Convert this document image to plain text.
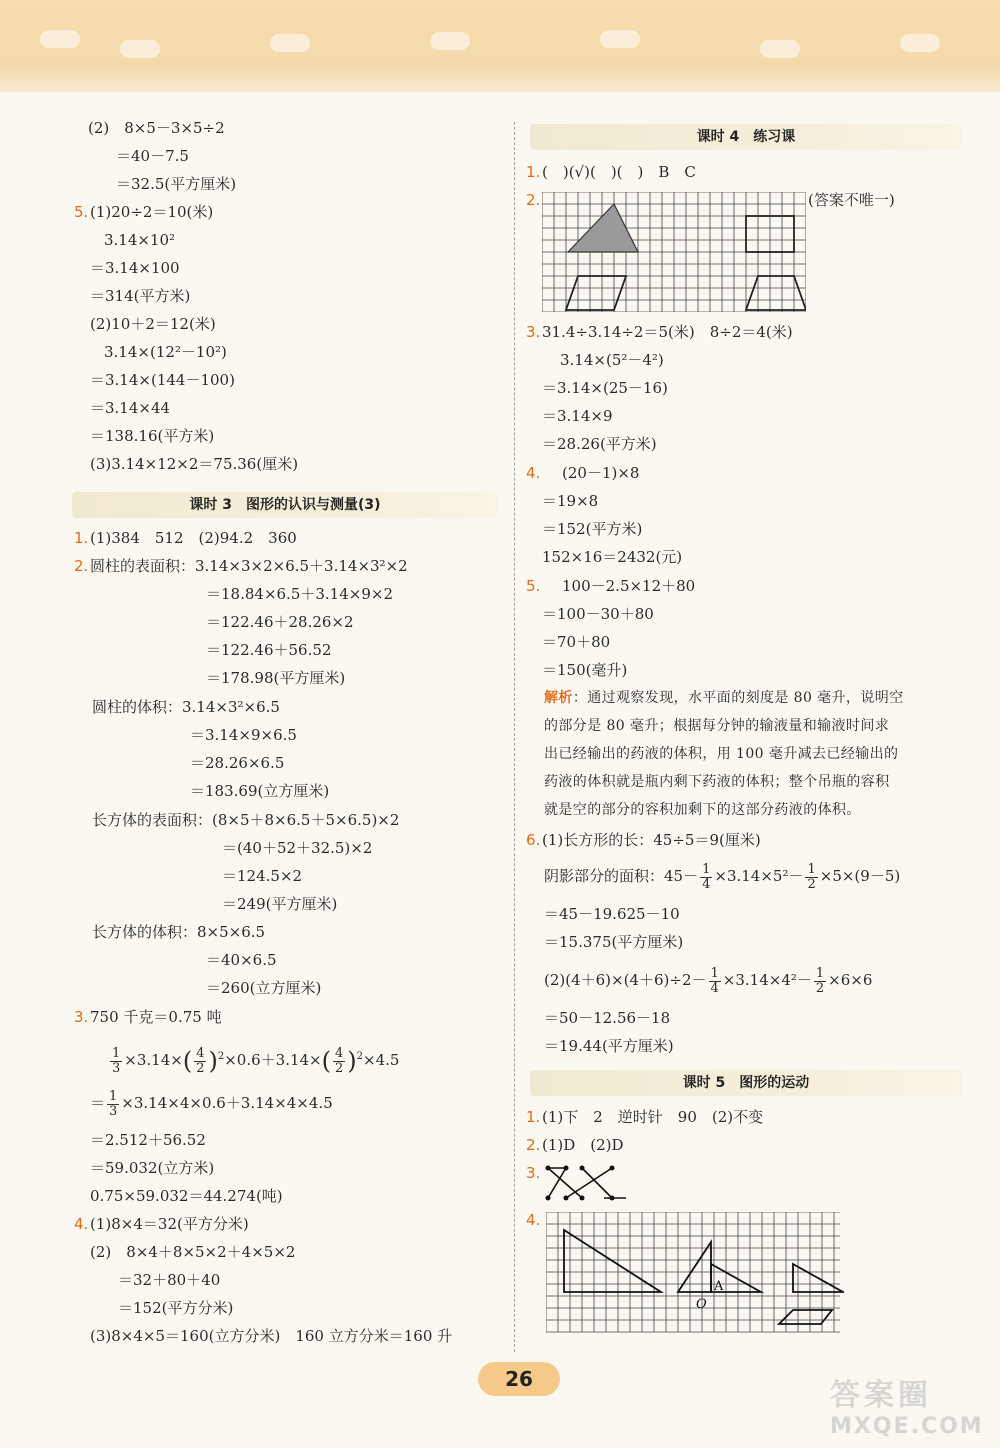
(2)　8×5－3×5÷2
＝40－7.5
＝32.5(平方厘米)
5. (1)20÷2＝10(米)
3.14×10²
＝3.14×100
＝314(平方米)
(2)10＋2＝12(米)
3.14×(12²－10²)
＝3.14×(144－100)
＝3.14×44
＝138.16(平方米)
(3)3.14×12×2＝75.36(厘米)
课时 3　图形的认识与测量(3)
1. (1)384　512　(2)94.2　360
2. 圆柱的表面积：3.14×3×2×6.5＋3.14×3²×2
＝18.84×6.5＋3.14×9×2
＝122.46＋28.26×2
＝122.46＋56.52
＝178.98(平方厘米)
圆柱的体积：3.14×3²×6.5
＝3.14×9×6.5
＝28.26×6.5
＝183.69(立方厘米)
长方体的表面积：(8×5＋8×6.5＋5×6.5)×2
＝(40＋52＋32.5)×2
＝124.5×2
＝249(平方厘米)
长方体的体积：8×5×6.5
＝40×6.5
＝260(立方厘米)
3. 750 千克＝0.75 吨
$\frac{1}{3} \times 3.14\times( \frac{4}{2} )^2\times 0.6+3.14\times( \frac{4}{2} )^2\times 4.5$
＝ $\frac{1}{3} \times 3.14\times 4\times 0.6+3.14\times 4\times 4.5$
＝2.512＋56.52
＝59.032(立方米)
0.75×59.032＝44.274(吨)
4. (1)8×4＝32(平方分米)
(2)　8×4＋8×5×2＋4×5×2
＝32＋80＋40
＝152(平方分米)
(3)8×4×5＝160(立方分米)　160 立方分米＝160 升
课时 4　练习课
1. (　)(√)(　)(　)　B　C
2.	(答案不唯一)
3. 31.4÷3.14÷2＝5(米)　8÷2＝4(米)
3.14×(5²－4²)
＝3.14×(25－16)
＝3.14×9
＝28.26(平方米)
4. (20－1)×8
＝19×8
＝152(平方米)
152×16＝2432(元)
5. 100－2.5×12＋80
＝100－30＋80
＝70＋80
＝150(毫升)
解析：通过观察发现，水平面的刻度是 80 毫升，说明空
的部分是 80 毫升；根据每分钟的输液量和输液时间求
出已经输出的药液的体积，用 100 毫升减去已经输出的
药液的体积就是瓶内剩下药液的体积；整个吊瓶的容积
就是空的部分的容积加剩下的这部分药液的体积。
6. (1)长方形的长：45÷5＝9(厘米)
阴影部分的面积：$45- \frac{1}{4} \times 3.14\times 5^2- \frac{1}{2} \times 5\times(9-5)$
＝45－19.625－10
＝15.375(平方厘米)
$(2)(4+6)\times(4+6)\div 2- \frac{1}{4} \times 3.14\times 4^2- \frac{1}{2} \times 6\times 6$
＝50－12.56－18
＝19.44(平方厘米)
课时 5　图形的运动
1. (1)下　2　逆时针　90　(2)不变
2. (1)D　(2)D
3.
4.
A
O
26	答案圈
MXQE.COM
